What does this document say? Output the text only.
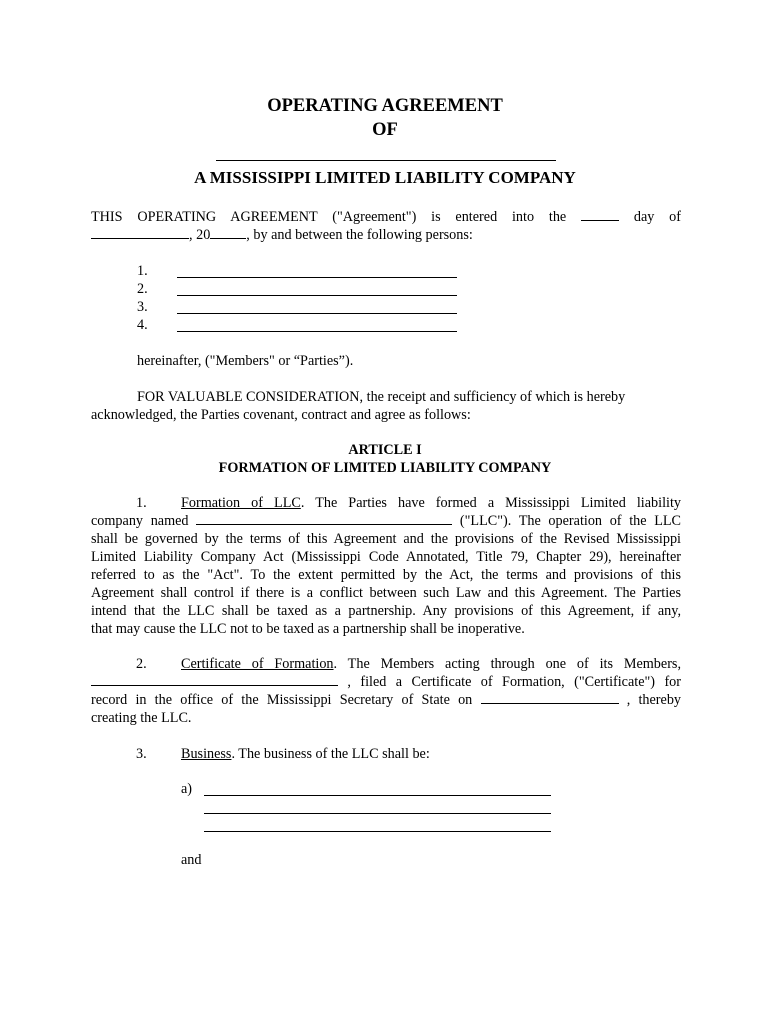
OPERATING AGREEMENT
OF
A MISSISSIPPI LIMITED LIABILITY COMPANY
THIS OPERATING AGREEMENT ("Agreement") is entered into the	day of
, 20	, by and between the following persons:
1.
2.
3.
4.
hereinafter, ("Members" or “Parties”).
FOR VALUABLE CONSIDERATION, the receipt and sufficiency of which is hereby
acknowledged, the Parties covenant, contract and agree as follows:
ARTICLE I
FORMATION OF LIMITED LIABILITY COMPANY
1.	Formation of LLC. The Parties have formed a Mississippi Limited liability
company named	("LLC"). The operation of the LLC
shall be governed by the terms of this Agreement and the provisions of the Revised Mississippi
Limited Liability Company Act (Mississippi Code Annotated, Title 79, Chapter 29), hereinafter
referred to as the "Act". To the extent permitted by the Act, the terms and provisions of this
Agreement shall control if there is a conflict between such Law and this Agreement. The Parties
intend that the LLC shall be taxed as a partnership. Any provisions of this Agreement, if any,
that may cause the LLC not to be taxed as a partnership shall be inoperative.
2.	Certificate of Formation. The Members acting through one of its Members,
, filed a Certificate of Formation, ("Certificate") for
record in the office of the Mississippi Secretary of State on	, thereby
creating the LLC.
3.	Business. The business of the LLC shall be:
a)
and
